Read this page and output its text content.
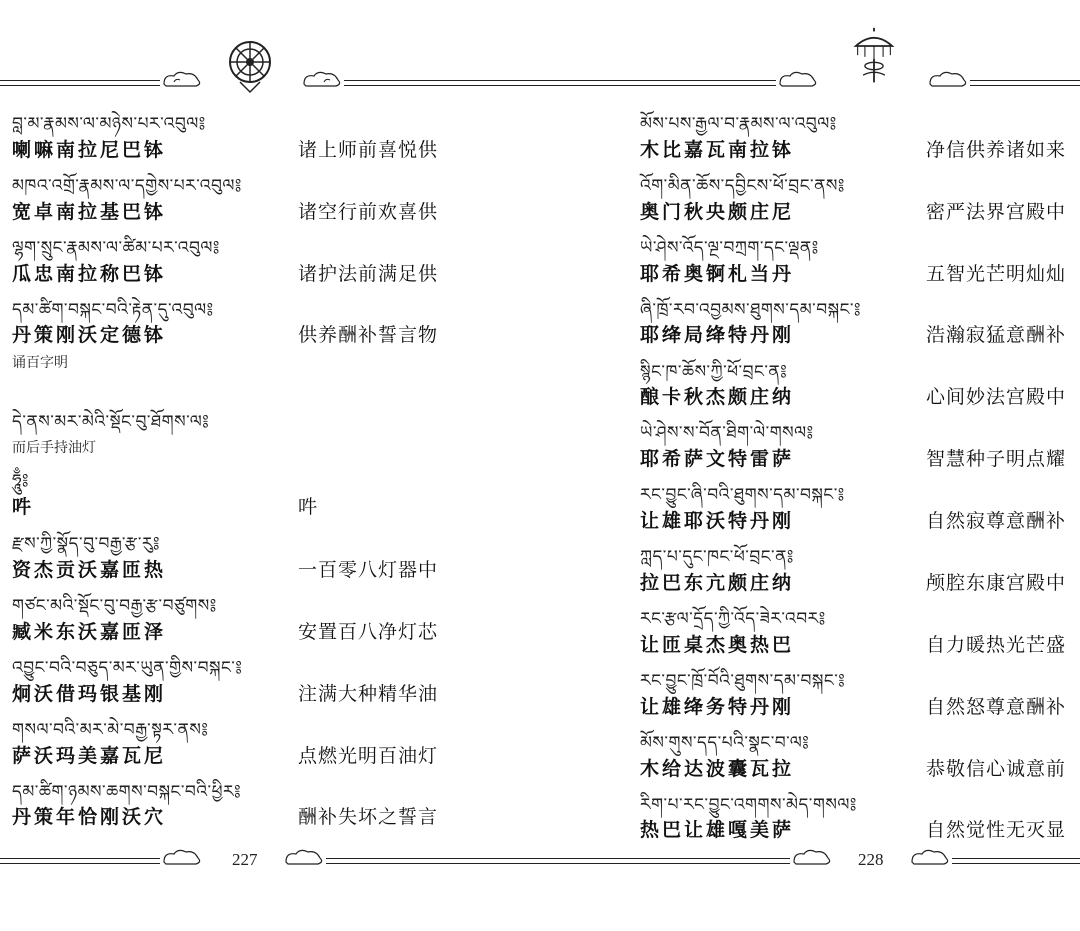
བླ་མ་རྣམས་ལ་མཉེས་པར་འབུལ༔
喇嘛南拉尼巴钵	诸上师前喜悦供
མཁའ་འགྲོ་རྣམས་ལ་དགྱེས་པར་འབུལ༔
宽卓南拉基巴钵	诸空行前欢喜供
ལྷག་སྲུང་རྣམས་ལ་ཚིམ་པར་འབུལ༔
瓜忠南拉称巴钵	诸护法前满足供
དམ་ཚིག་བསྐང་བའི་རྟེན་དུ་འབུལ༔
丹策刚沃定德钵	供养酬补誓言物
诵百字明
དེ་ནས་མར་མེའི་སྡོང་བུ་ཐོགས་ལ༔
而后手持油灯
ཧཱུྃ༔
吽	吽
རྫས་ཀྱི་སྣོད་བུ་བརྒྱ་རྩ་རུ༔
资杰贡沃嘉匝热	一百零八灯器中
གཙང་མའི་སྡོང་བུ་བརྒྱ་རྩ་བཙུགས༔
臧米东沃嘉匝泽	安置百八净灯芯
འབྱུང་བའི་བཅུད་མར་ཡུན་གྱིས་བསྐང་༔
炯沃借玛银基刚	注满大种精华油
གསལ་བའི་མར་མེ་བརྒྱ་སྟར་ནས༔
萨沃玛美嘉瓦尼	点燃光明百油灯
དམ་ཚིག་ཉམས་ཆགས་བསྐང་བའི་ཕྱིར༔
丹策年恰刚沃穴	酬补失坏之誓言
227
མོས་པས་རྒྱལ་བ་རྣམས་ལ་འབུལ༔
木比嘉瓦南拉钵	净信供养诸如来
འོག་མིན་ཆོས་དབྱིངས་ཕོ་བྲང་ནས༔
奥门秋央颇庄尼	密严法界宫殿中
ཡེ་ཤེས་འོད་ལྔ་བཀྲག་དང་ལྡན༔
耶希奥锕札当丹	五智光芒明灿灿
ཞི་ཁྲོ་རབ་འབྱམས་ཐུགས་དམ་བསྐང་༔
耶绛局绛特丹刚	浩瀚寂猛意酬补
སྙིང་ཁ་ཆོས་ཀྱི་ཕོ་བྲང་ན༔
酿卡秋杰颇庄纳	心间妙法宫殿中
ཡེ་ཤེས་ས་བོན་ཐིག་ལེ་གསལ༔
耶希萨文特雷萨	智慧种子明点耀
རང་བྱུང་ཞི་བའི་ཐུགས་དམ་བསྐང་༔
让雄耶沃特丹刚	自然寂尊意酬补
ཀླད་པ་དུང་ཁང་ཕོ་བྲང་ན༔
拉巴东亢颇庄纳	颅腔东康宫殿中
རང་རྩལ་དྲོད་ཀྱི་འོད་ཟེར་འབར༔
让匝桌杰奥热巴	自力暖热光芒盛
རང་བྱུང་ཁྲོ་བོའི་ཐུགས་དམ་བསྐང་༔
让雄绛务特丹刚	自然怒尊意酬补
མོས་གུས་དད་པའི་སྣང་བ་ལ༔
木给达波囊瓦拉	恭敬信心诚意前
རིག་པ་རང་བྱུང་འགགས་མེད་གསལ༔
热巴让雄嘎美萨	自然觉性无灭显
228
